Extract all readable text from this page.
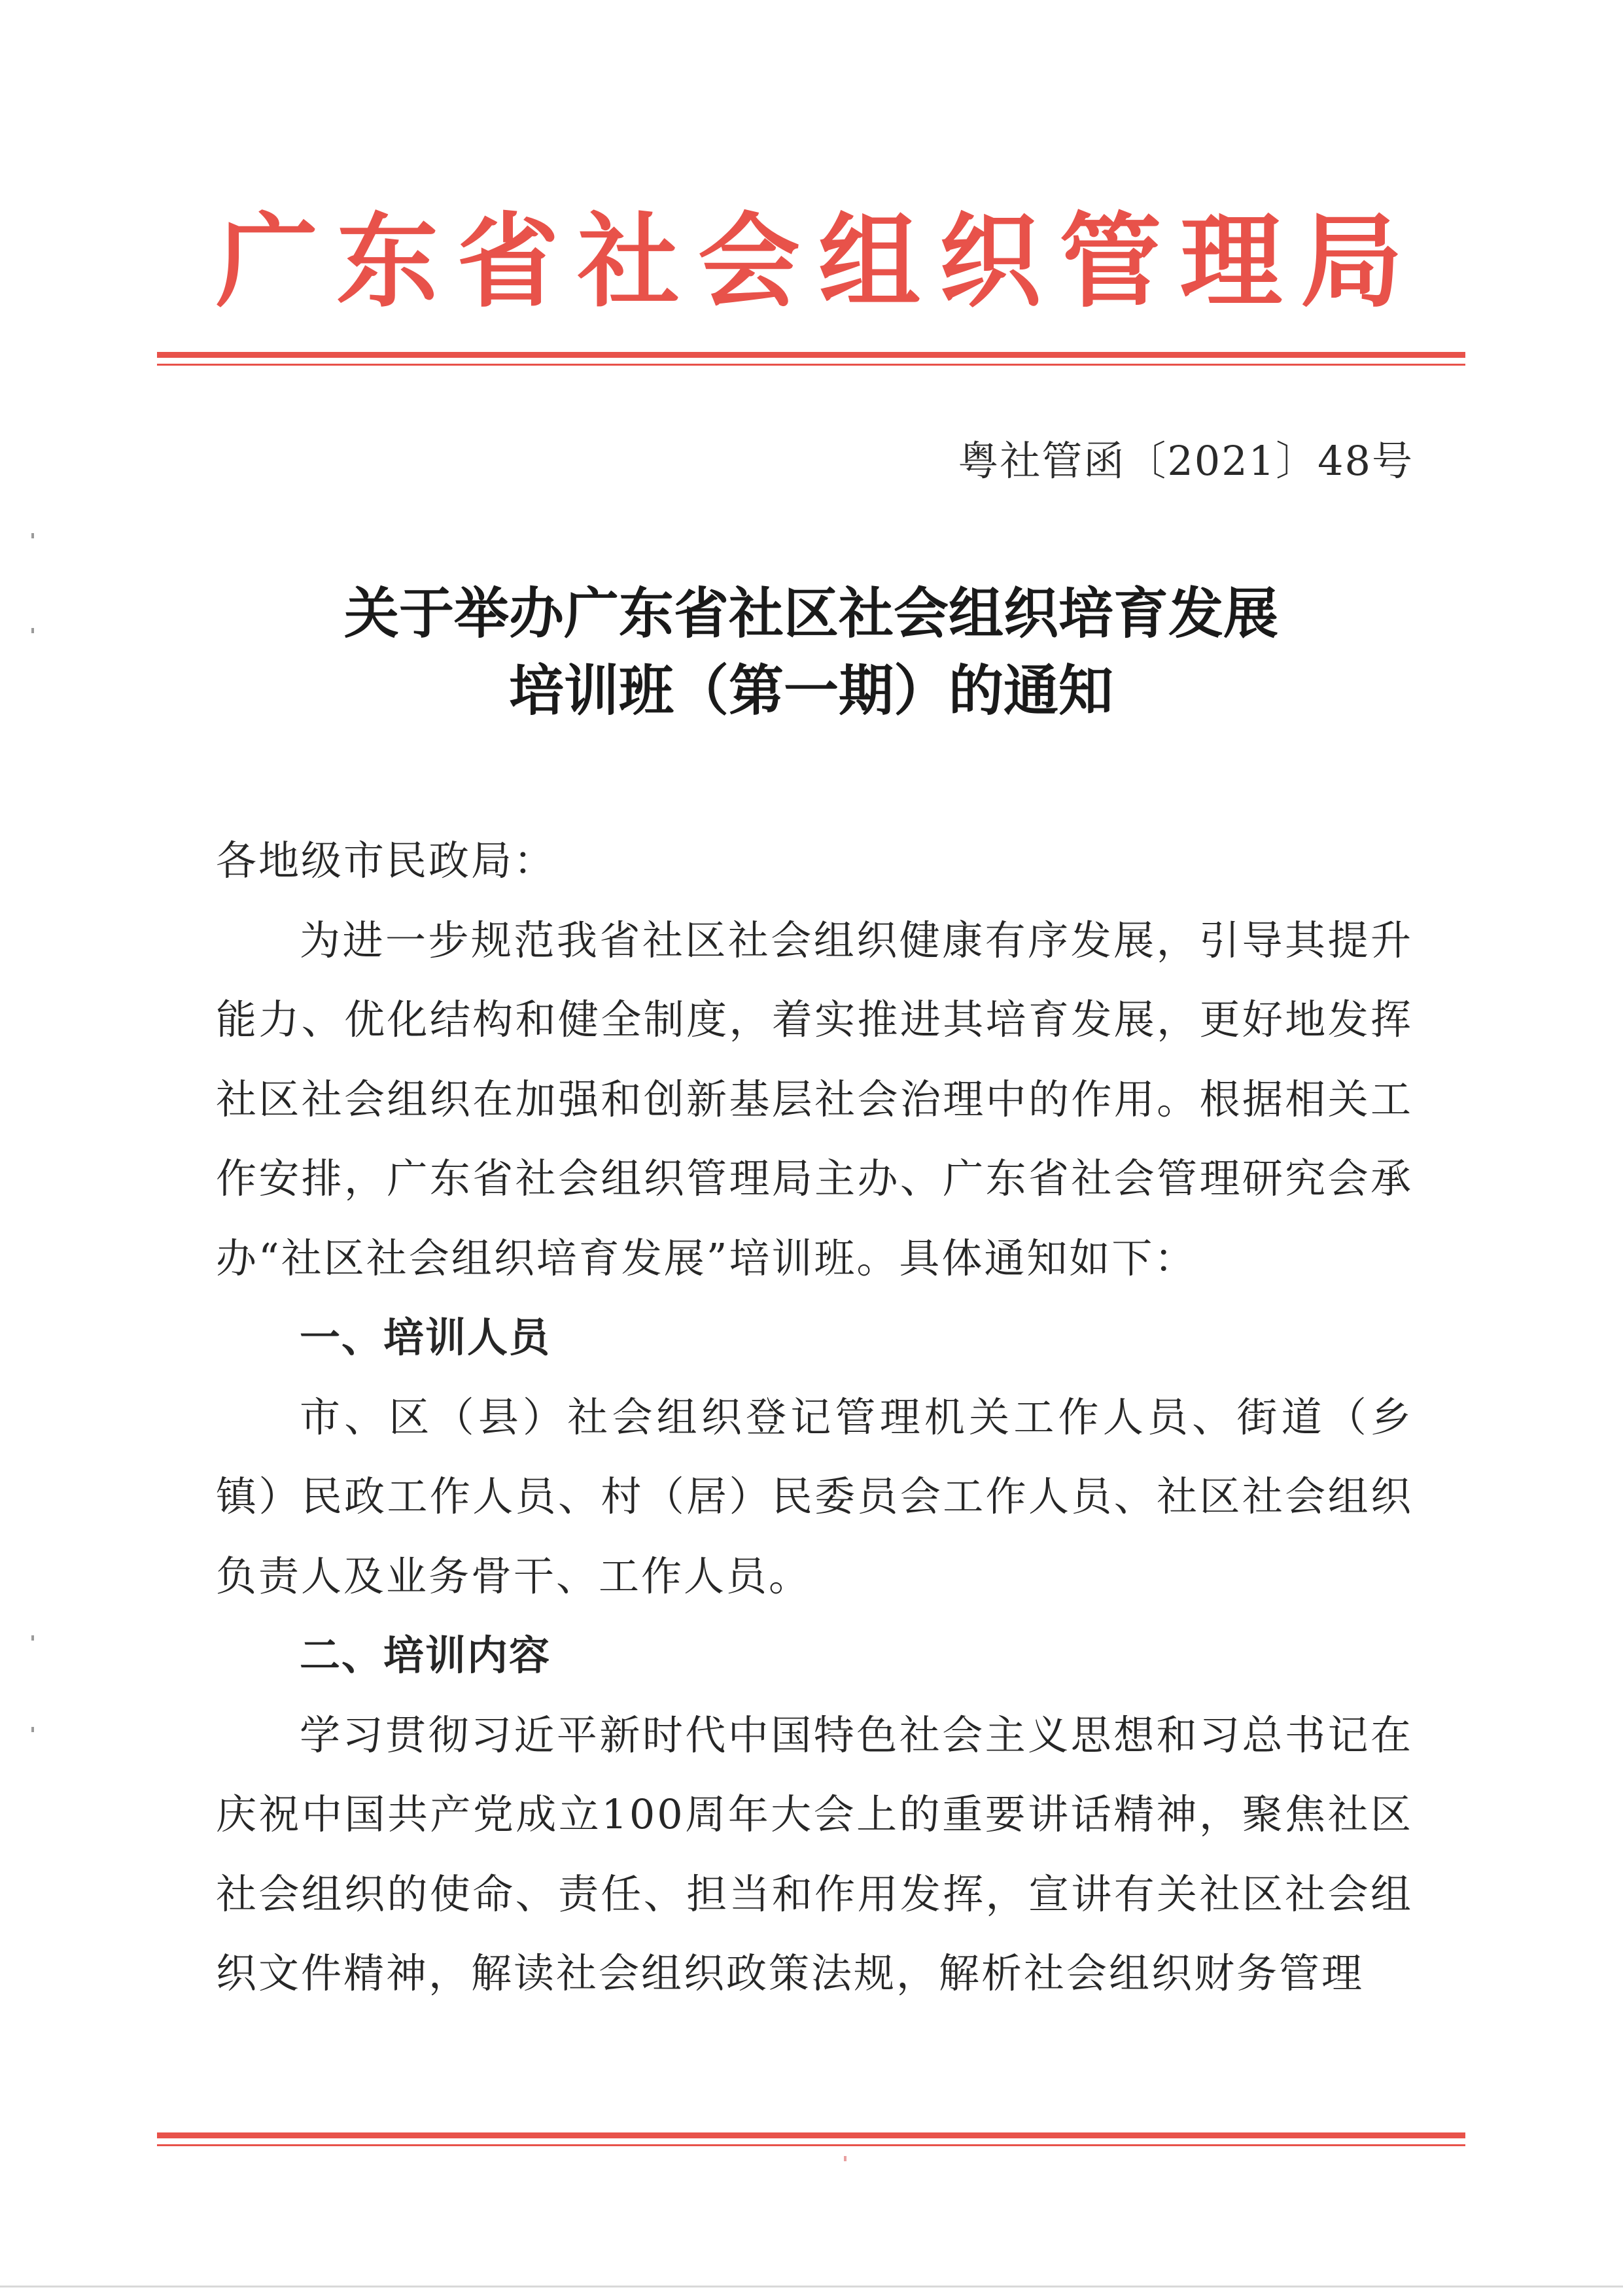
广东省社会组织管理局
粤社管函〔2021〕48号
关于举办广东省社区社会组织培育发展
培训班（第一期）的通知

各地级市民政局：

为进一步规范我省社区社会组织健康有序发展，引导其提升能力、优化结构和健全制度，着实推进其培育发展，更好地发挥社区社会组织在加强和创新基层社会治理中的作用。根据相关工作安排，广东省社会组织管理局主办、广东省社会管理研究会承办“社区社会组织培育发展”培训班。具体通知如下：

一、培训人员

市、区（县）社会组织登记管理机关工作人员、街道（乡镇）民政工作人员、村（居）民委员会工作人员、社区社会组织负责人及业务骨干、工作人员。

二、培训内容

学习贯彻习近平新时代中国特色社会主义思想和习总书记在庆祝中国共产党成立100周年大会上的重要讲话精神，聚焦社区社会组织的使命、责任、担当和作用发挥，宣讲有关社区社会组织文件精神，解读社会组织政策法规，解析社会组织财务管理
